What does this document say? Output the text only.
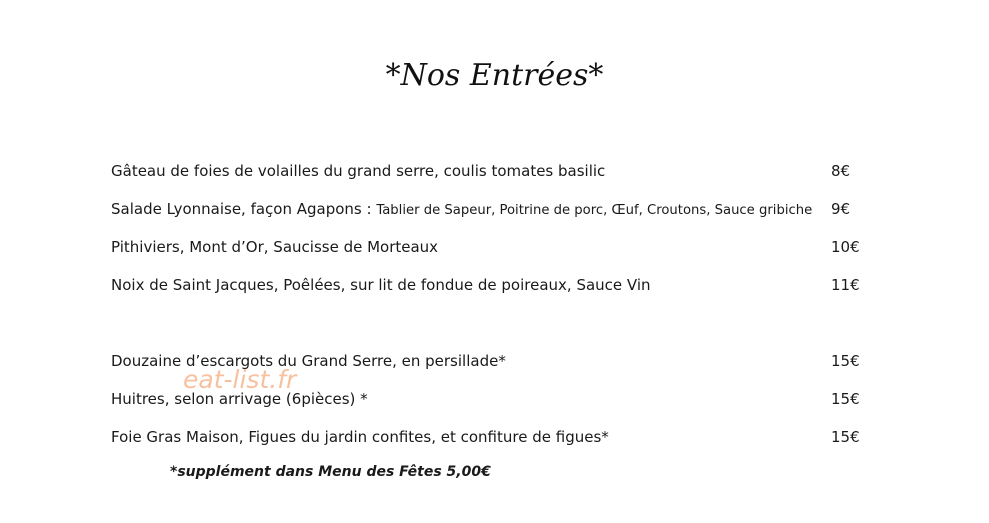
*Nos Entrées*
Gâteau de foies de volailles du grand serre, coulis tomates basilic	8€
Salade Lyonnaise, façon Agapons : Tablier de Sapeur, Poitrine de porc, Œuf, Croutons, Sauce gribiche 9€
Pithiviers, Mont d’Or, Saucisse de Morteaux	10€
Noix de Saint Jacques, Poêlées, sur lit de fondue de poireaux, Sauce Vin	11€
Douzaine d’escargots du Grand Serre, en persillade*	15€
Huitres, selon arrivage (6pièces) *	15€
Foie Gras Maison, Figues du jardin confites, et confiture de figues*	15€
*supplément dans Menu des Fêtes 5,00€
eat-list.fr
